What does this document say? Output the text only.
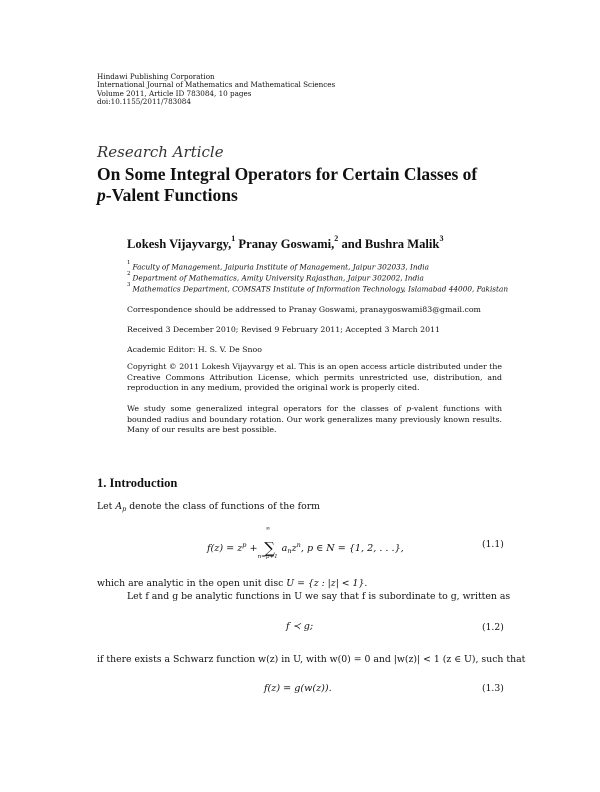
Hindawi Publishing Corporation
International Journal of Mathematics and Mathematical Sciences
Volume 2011, Article ID 783084, 10 pages
doi:10.1155/2011/783084
Research Article
On Some Integral Operators for Certain Classes of
p-Valent Functions
Lokesh Vijayvargy,$^1$ Pranay Goswami,$^2$ and Bushra Malik$^3$
$^1$ Faculty of Management, Jaipuria Institute of Management, Jaipur 302033, India
$^2$ Department of Mathematics, Amity University Rajasthan, Jaipur 302002, India
$^3$ Mathematics Department, COMSATS Institute of Information Technology, Islamabad 44000, Pakistan
Correspondence should be addressed to Pranay Goswami, pranaygoswami83@gmail.com
Received 3 December 2010; Revised 9 February 2011; Accepted 3 March 2011
Academic Editor: H. S. V. De Snoo
Copyright © 2011 Lokesh Vijayvargy et al. This is an open access article distributed under the Creative Commons Attribution License, which permits unrestricted use, distribution, and reproduction in any medium, provided the original work is properly cited.
We study some generalized integral operators for the classes of p-valent functions with bounded radius and boundary rotation. Our work generalizes many previously known results. Many of our results are best possible.
1. Introduction
Let $A_p$ denote the class of functions of the form
$f(z) = z^p$ +
∞
∑
n=p+1
$a_nz^n$, p ∈ N = {1, 2, . . .},	(1.1)
which are analytic in the open unit disc U = {z : |z| < 1}.
Let f and g be analytic functions in U we say that f is subordinate to g, written as
f ≺ g;	(1.2)
if there exists a Schwarz function w(z) in U, with w(0) = 0 and |w(z)| < 1 (z ∈ U), such that
f(z) = g(w(z)).	(1.3)
